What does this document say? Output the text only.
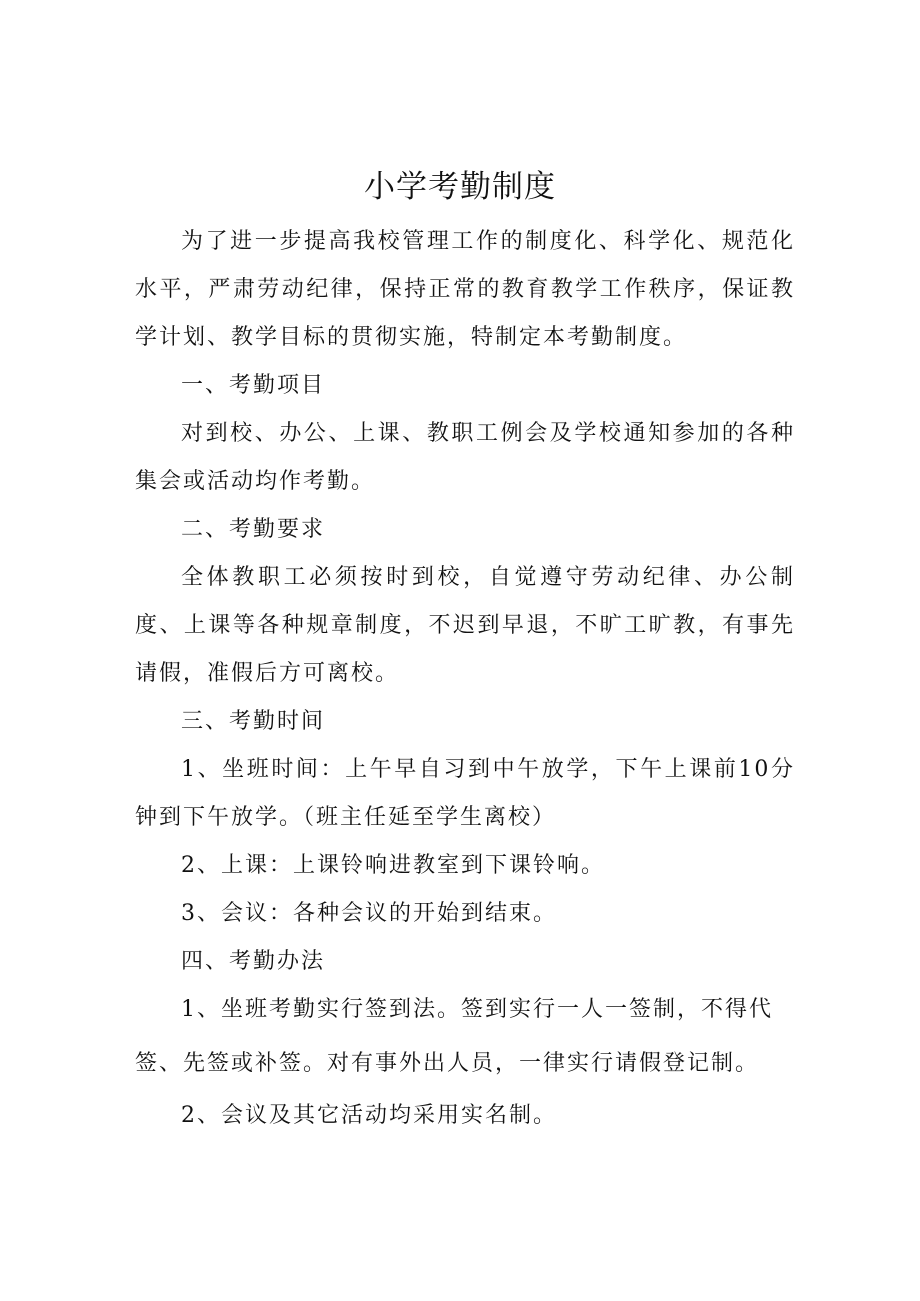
小学考勤制度

为了进一步提高我校管理工作的制度化、科学化、规范化水平，严肃劳动纪律，保持正常的教育教学工作秩序，保证教学计划、教学目标的贯彻实施，特制定本考勤制度。

一、考勤项目

对到校、办公、上课、教职工例会及学校通知参加的各种集会或活动均作考勤。

二、考勤要求

全体教职工必须按时到校，自觉遵守劳动纪律、办公制度、上课等各种规章制度，不迟到早退，不旷工旷教，有事先请假，准假后方可离校。

三、考勤时间

1、坐班时间：上午早自习到中午放学，下午上课前10分钟到下午放学。（班主任延至学生离校）

2、上课：上课铃响进教室到下课铃响。

3、会议：各种会议的开始到结束。

四、考勤办法

1、坐班考勤实行签到法。签到实行一人一签制，不得代

签、先签或补签。对有事外出人员，一律实行请假登记制。

2、会议及其它活动均采用实名制。
